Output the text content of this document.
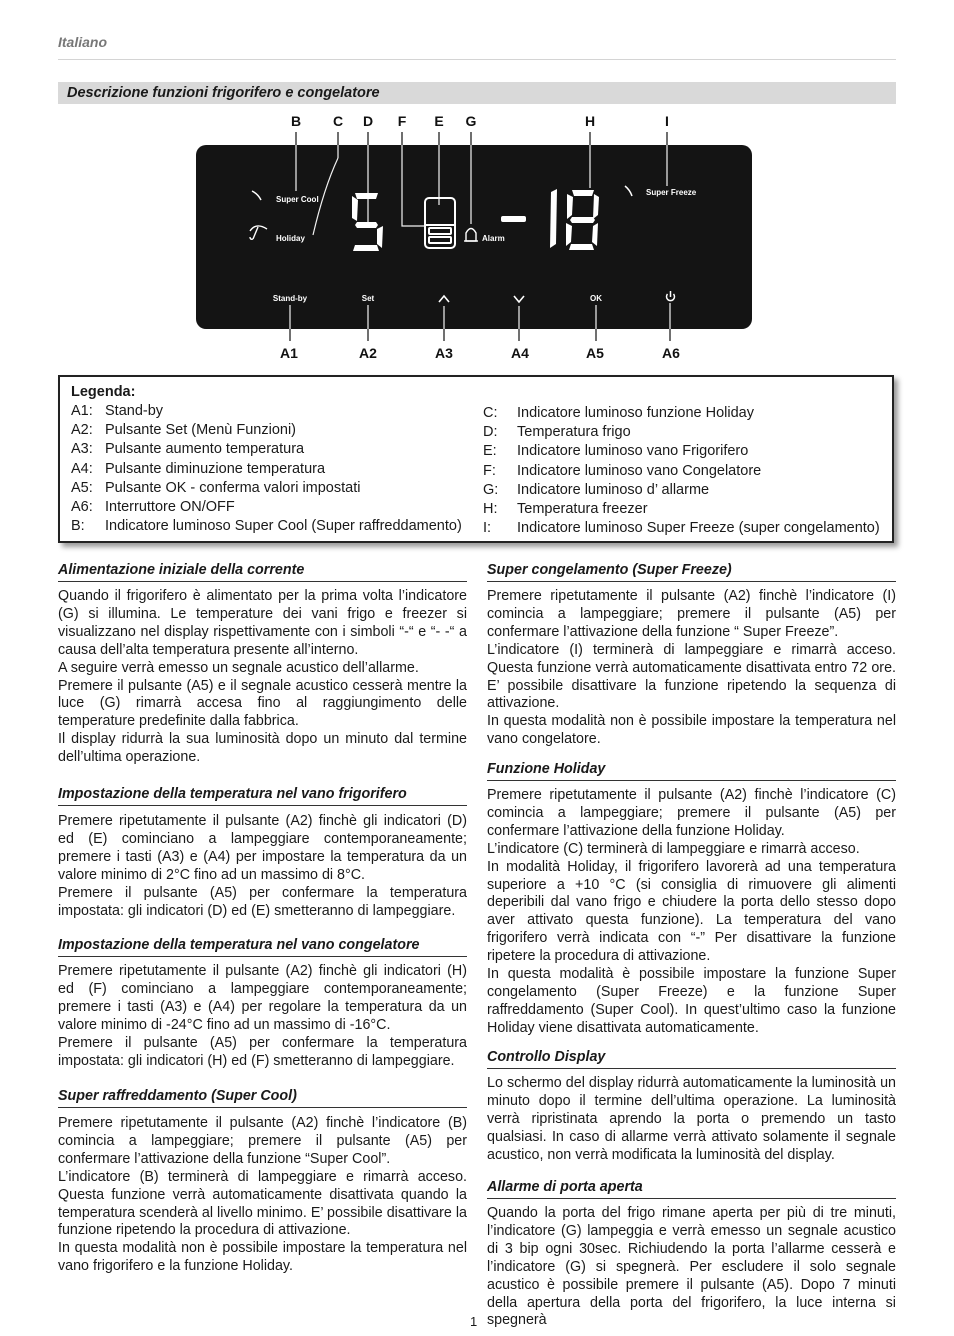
Italiano
Descrizione funzioni frigorifero e congelatore
B C D F E G	H	I
Super Cool
Holiday	Alarm
Super Freeze
Stand-by	Set	OK
A1	A2	A3	A4	A5	A6
Legenda:
A1: Stand-by
A2: Pulsante Set (Menù Funzioni)
A3: Pulsante aumento temperatura
A4: Pulsante diminuzione temperatura
A5: Pulsante OK - conferma valori impostati
A6: Interruttore ON/OFF
B:	Indicatore luminoso Super Cool (Super raffreddamento)
C:	Indicatore luminoso funzione Holiday
D:	Temperatura frigo
E:	Indicatore luminoso vano Frigorifero
F:	Indicatore luminoso vano Congelatore
G:	Indicatore luminoso d’ allarme
H:	Temperatura freezer
I:	Indicatore luminoso Super Freeze (super congelamento)
Alimentazione iniziale della corrente

Quando il frigorifero è alimentato per la prima volta l’indicatore (G) si illumina. Le temperature dei vani frigo e freezer si visualizzano nel display rispettivamente con i simboli “-“ e “- -“ a causa dell’alta temperatura presente all’interno.

A seguire verrà emesso un segnale acustico dell’allarme.

Premere il pulsante (A5) e il segnale acustico cesserà mentre la luce (G) rimarrà accesa fino al raggiungimento delle temperature predefinite dalla fabbrica.

Il display ridurrà la sua luminosità dopo un minuto dal termine dell’ultima operazione.

Impostazione della temperatura nel vano frigorifero

Premere ripetutamente il pulsante (A2) finchè gli indicatori (D) ed (E) cominciano a lampeggiare contemporaneamente; premere i tasti (A3) e (A4) per impostare la temperatura da un valore minimo di 2°C fino ad un massimo di 8°C.

Premere il pulsante (A5) per confermare la temperatura impostata: gli indicatori (D) ed (E) smetteranno di lampeggiare.

Impostazione della temperatura nel vano congelatore

Premere ripetutamente il pulsante (A2) finchè gli indicatori (H) ed (F) cominciano a lampeggiare contemporaneamente; premere i tasti (A3) e (A4) per regolare la temperatura da un valore minimo di -24°C fino ad un massimo di -16°C.

Premere il pulsante (A5) per confermare la temperatura impostata: gli indicatori (H) ed (F) smetteranno di lampeggiare.

Super raffreddamento (Super Cool)

Premere ripetutamente il pulsante (A2) finchè l’indicatore (B) comincia a lampeggiare; premere il pulsante (A5) per confermare l’attivazione della funzione “Super Cool”.

L’indicatore (B) terminerà di lampeggiare e rimarrà acceso. Questa funzione verrà automaticamente disattivata quando la temperatura scenderà al livello minimo. E’ possibile disattivare la funzione ripetendo la procedura di attivazione.

In questa modalità non è possibile impostare la temperatura nel vano frigorifero e la funzione Holiday.

Super congelamento (Super Freeze)

Premere ripetutamente il pulsante (A2) finchè l’indicatore (I) comincia a lampeggiare; premere il pulsante (A5) per confermare l’attivazione della funzione “ Super Freeze”.

L’indicatore (I) terminerà di lampeggiare e rimarrà acceso. Questa funzione verrà automaticamente disattivata entro 72 ore. E’ possibile disattivare la funzione ripetendo la sequenza di attivazione.

In questa modalità non è possibile impostare la temperatura nel vano congelatore.

Funzione Holiday

Premere ripetutamente il pulsante (A2) finchè l’indicatore (C) comincia a lampeggiare; premere il pulsante (A5) per confermare l’attivazione della funzione Holiday.

L’indicatore (C) terminerà di lampeggiare e rimarrà acceso.

In modalità Holiday, il frigorifero lavorerà ad una temperatura superiore a +10 °C (si consiglia di rimuovere gli alimenti deperibili dal vano frigo e chiudere la porta dello stesso dopo aver attivato questa funzione). La temperatura del vano frigorifero verrà indicata con “-” Per disattivare la funzione ripetere la procedura di attivazione.

In questa modalità è possibile impostare la funzione Super congelamento (Super Freeze) e la funzione Super raffreddamento (Super Cool). In quest’ultimo caso la funzione Holiday viene disattivata automaticamente.

Controllo Display

Lo schermo del display ridurrà automaticamente la luminosità un minuto dopo il termine dell’ultima operazione. La luminosità verrà ripristinata aprendo la porta o premendo un tasto qualsiasi. In caso di allarme verrà attivato solamente il segnale acustico, non verrà modificata la luminosità del display.

Allarme di porta aperta

Quando la porta del frigo rimane aperta per più di tre minuti, l’indicatore (G) lampeggia e verrà emesso un segnale acustico di 3 bip ogni 30sec. Richiudendo la porta l’allarme cesserà e l’indicatore (G) si spegnerà. Per escludere il solo segnale acustico è possibile premere il pulsante (A5). Dopo 7 minuti della apertura della porta del frigorifero, la luce interna si spegnerà

1
